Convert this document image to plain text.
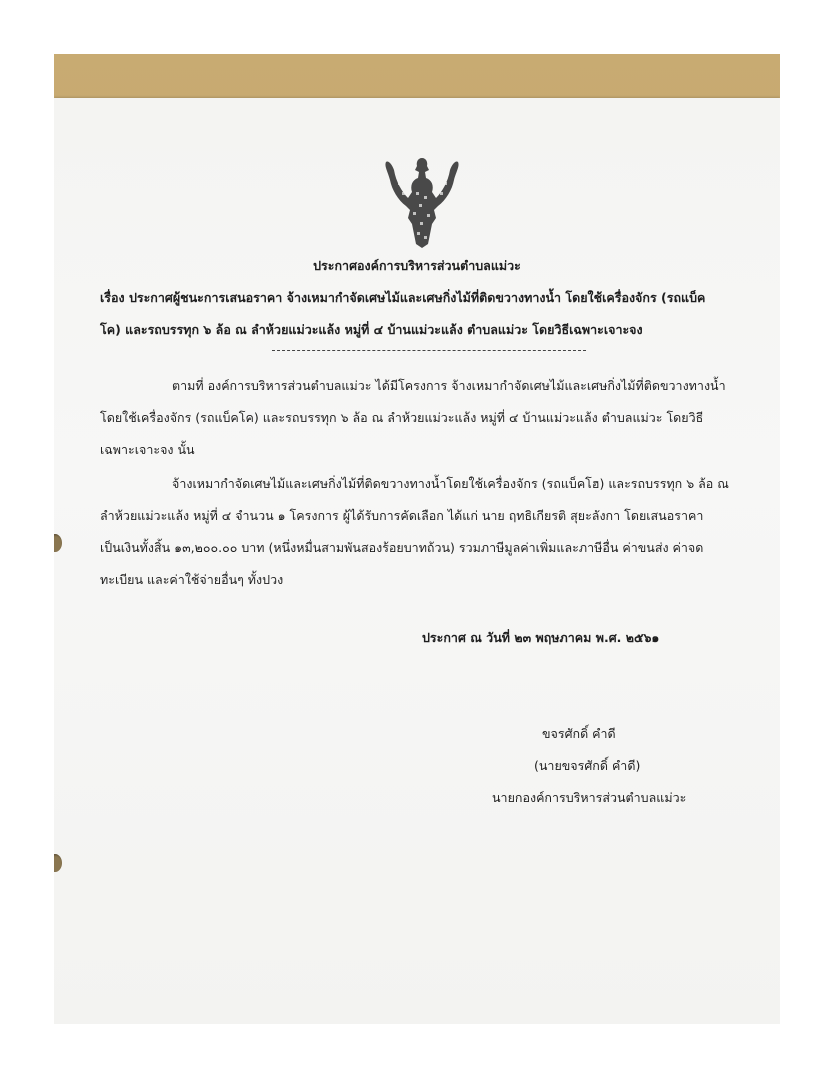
ประกาศองค์การบริหารส่วนตำบลแม่วะ
เรื่อง ประกาศผู้ชนะการเสนอราคา จ้างเหมากำจัดเศษไม้และเศษกิ่งไม้ที่ติดขวางทางน้ำ โดยใช้เครื่องจักร (รถแบ็ค
โค) และรถบรรทุก ๖ ล้อ ณ ลำห้วยแม่วะแล้ง หมู่ที่ ๔ บ้านแม่วะแล้ง ตำบลแม่วะ โดยวิธีเฉพาะเจาะจง
ตามที่ องค์การบริหารส่วนตำบลแม่วะ ได้มีโครงการ จ้างเหมากำจัดเศษไม้และเศษกิ่งไม้ที่ติดขวางทางน้ำ
โดยใช้เครื่องจักร (รถแบ็คโค) และรถบรรทุก ๖ ล้อ ณ ลำห้วยแม่วะแล้ง หมู่ที่ ๔ บ้านแม่วะแล้ง ตำบลแม่วะ โดยวิธี
เฉพาะเจาะจง นั้น
จ้างเหมากำจัดเศษไม้และเศษกิ่งไม้ที่ติดขวางทางน้ำโดยใช้เครื่องจักร (รถแบ็คโฮ) และรถบรรทุก ๖ ล้อ ณ
ลำห้วยแม่วะแล้ง หมู่ที่ ๔ จำนวน ๑ โครงการ ผู้ได้รับการคัดเลือก ได้แก่ นาย ฤทธิเกียรติ สุยะลังกา โดยเสนอราคา
เป็นเงินทั้งสิ้น ๑๓,๒๐๐.๐๐ บาท (หนึ่งหมื่นสามพันสองร้อยบาทถ้วน) รวมภาษีมูลค่าเพิ่มและภาษีอื่น ค่าขนส่ง ค่าจด
ทะเบียน และค่าใช้จ่ายอื่นๆ ทั้งปวง
ประกาศ ณ วันที่ ๒๓ พฤษภาคม พ.ศ. ๒๕๖๑
ขจรศักดิ์ คำดี
(นายขจรศักดิ์ คำดี)
นายกองค์การบริหารส่วนตำบลแม่วะ
